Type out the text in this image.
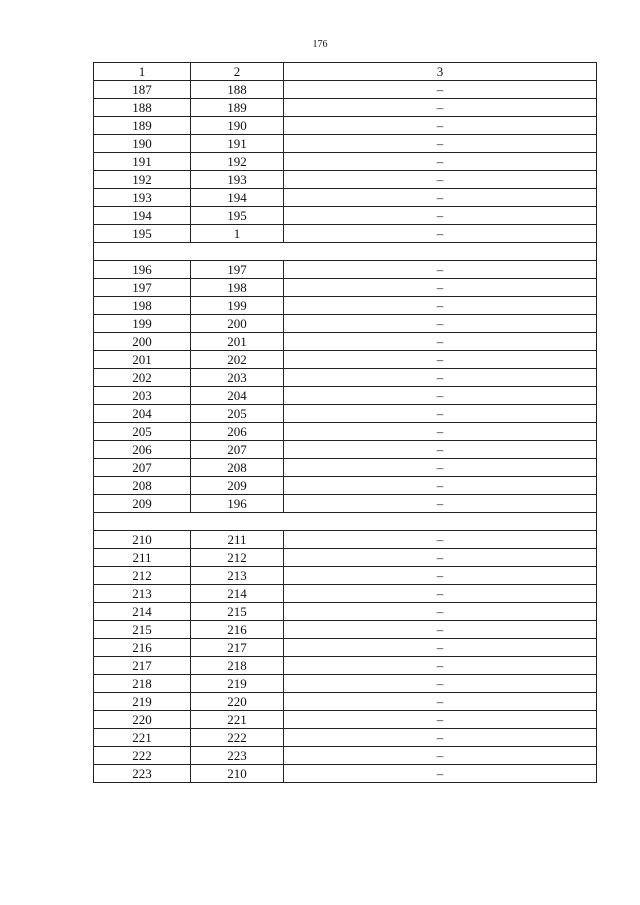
176
1	2	3
187	188	–
188	189	–
189	190	–
190	191	–
191	192	–
192	193	–
193	194	–
194	195	–
195	1	–

196	197	–
197	198	–
198	199	–
199	200	–
200	201	–
201	202	–
202	203	–
203	204	–
204	205	–
205	206	–
206	207	–
207	208	–
208	209	–
209	196	–

210	211	–
211	212	–
212	213	–
213	214	–
214	215	–
215	216	–
216	217	–
217	218	–
218	219	–
219	220	–
220	221	–
221	222	–
222	223	–
223	210	–
